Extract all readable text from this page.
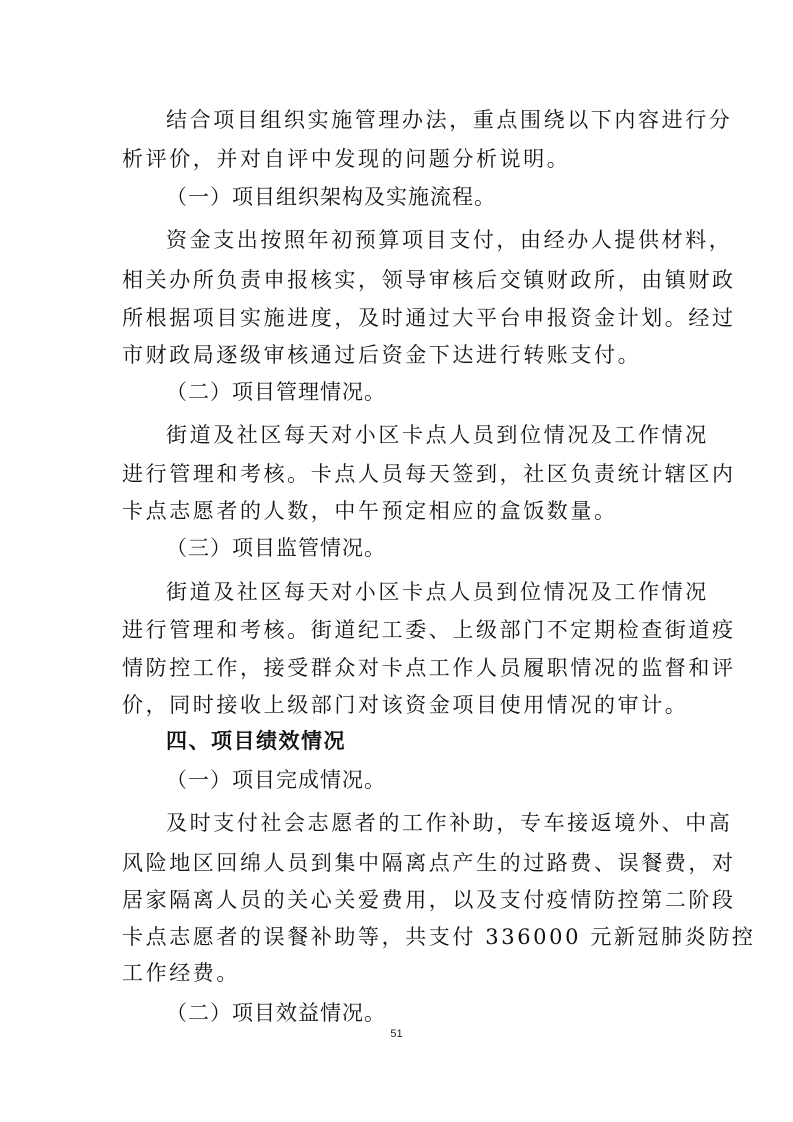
结合项目组织实施管理办法，重点围绕以下内容进行分
析评价，并对自评中发现的问题分析说明。
（一）项目组织架构及实施流程。
资金支出按照年初预算项目支付，由经办人提供材料，
相关办所负责申报核实，领导审核后交镇财政所，由镇财政
所根据项目实施进度，及时通过大平台申报资金计划。经过
市财政局逐级审核通过后资金下达进行转账支付。
（二）项目管理情况。
街道及社区每天对小区卡点人员到位情况及工作情况
进行管理和考核。卡点人员每天签到，社区负责统计辖区内
卡点志愿者的人数，中午预定相应的盒饭数量。
（三）项目监管情况。
街道及社区每天对小区卡点人员到位情况及工作情况
进行管理和考核。街道纪工委、上级部门不定期检查街道疫
情防控工作，接受群众对卡点工作人员履职情况的监督和评
价，同时接收上级部门对该资金项目使用情况的审计。
四、项目绩效情况
（一）项目完成情况。
及时支付社会志愿者的工作补助，专车接返境外、中高
风险地区回绵人员到集中隔离点产生的过路费、误餐费，对
居家隔离人员的关心关爱费用，以及支付疫情防控第二阶段
卡点志愿者的误餐补助等，共支付 336000 元新冠肺炎防控
工作经费。
（二）项目效益情况。
51
